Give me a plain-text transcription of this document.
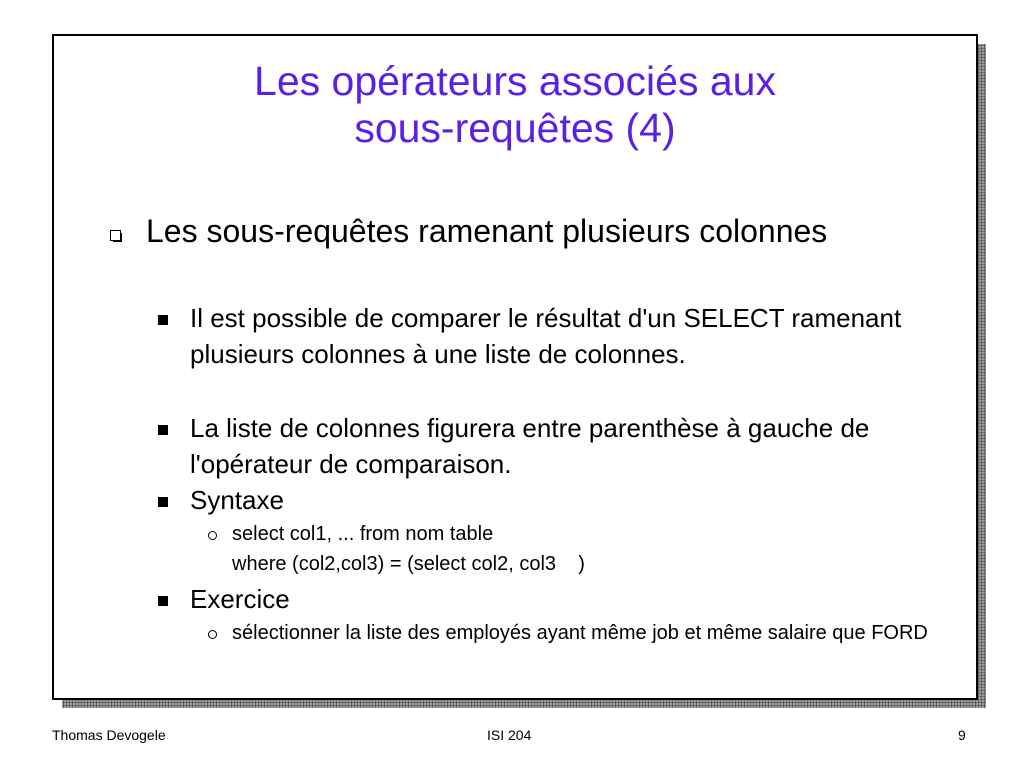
Les opérateurs associés aux
sous-requêtes (4)
Les sous-requêtes ramenant plusieurs colonnes
Il est possible de comparer le résultat d'un SELECT ramenant plusieurs colonnes à une liste de colonnes.
La liste de colonnes figurera entre parenthèse à gauche de l'opérateur de comparaison.
Syntaxe
select col1, ... from nom table
where (col2,col3) = (select col2, col3    )
Exercice
sélectionner la liste des employés ayant même job et même salaire que FORD
Thomas Devogele	ISI 204	9
